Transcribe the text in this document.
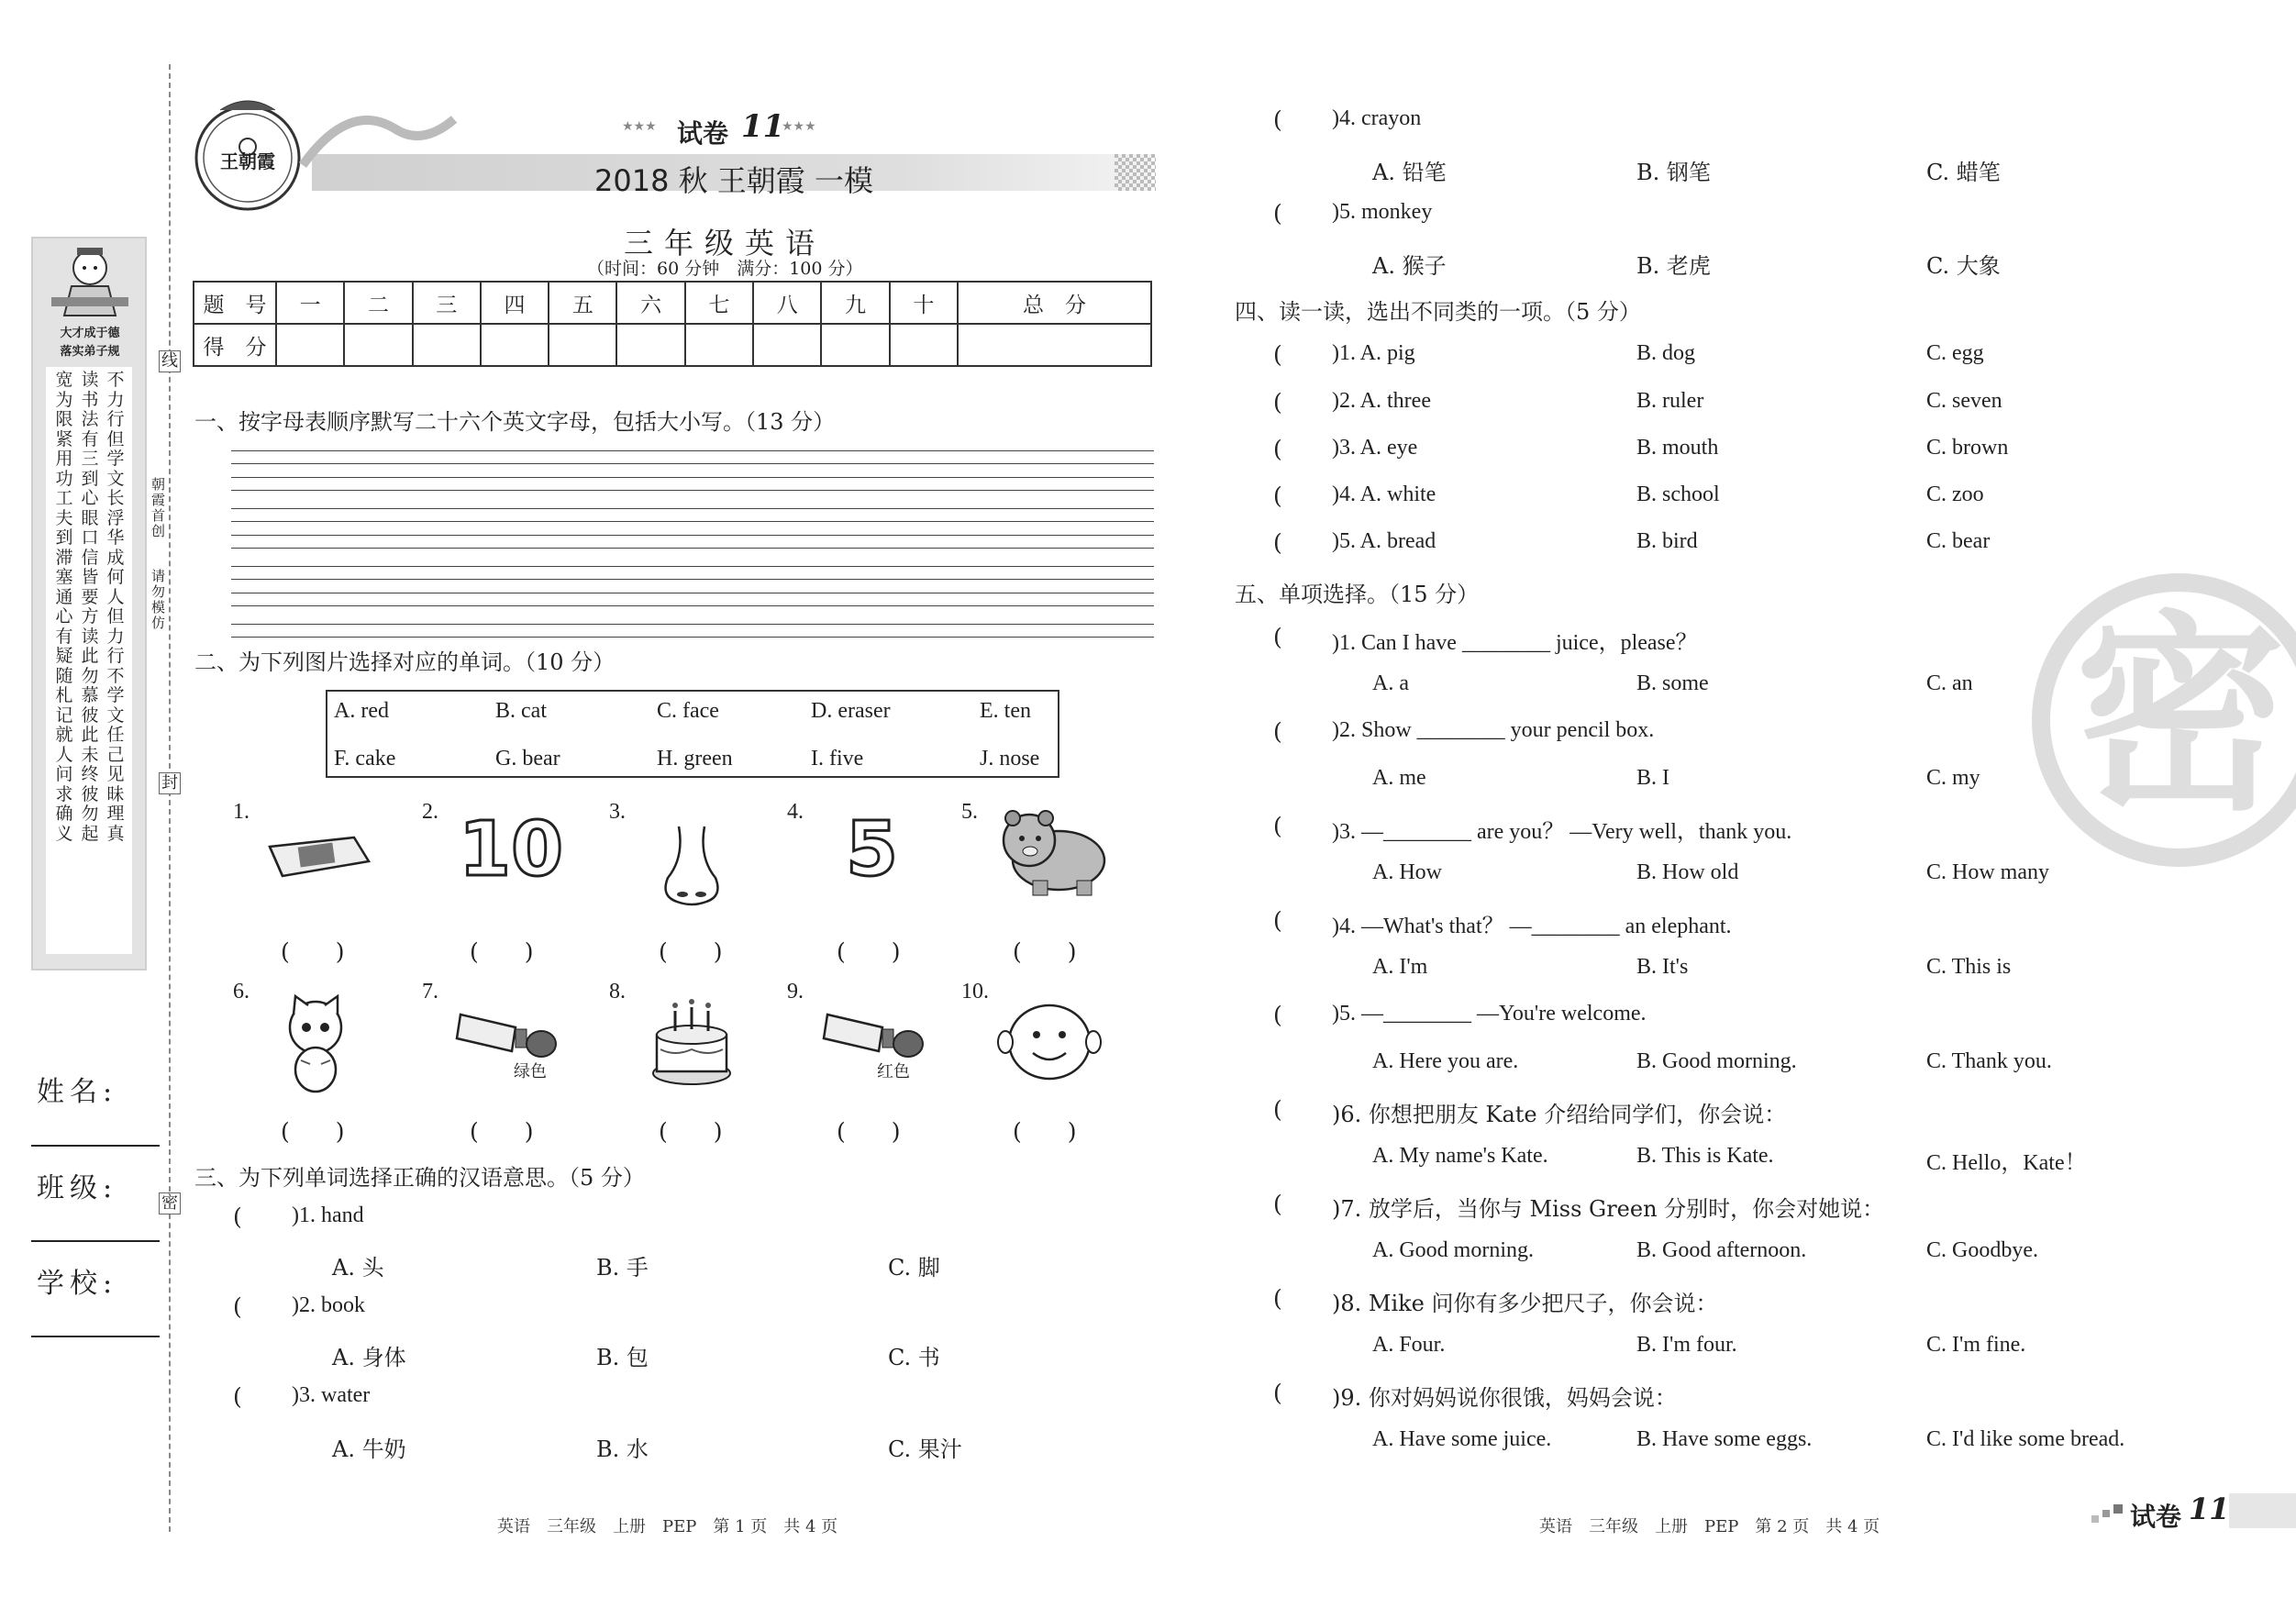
大才成于德
落实弟子规
不力行但学文长浮华成何人但力行不学文任己见昧理真
读书法有三到心眼口信皆要方读此勿慕彼此未终彼勿起
宽为限紧用功工夫到滞塞通心有疑随札记就人问求确义
线
封
密
朝霞首创
请勿模仿
姓名:
班级:
学校:
王朝霞
★★★ 试卷 11
★★★
2018 秋 王朝霞 一模
三年级英语
（时间：60 分钟　满分：100 分）
题　号	一	二	三	四	五	六	七	八	九	十	总　分
得　分											
一、按字母表顺序默写二十六个英文字母，包括大小写。（13 分）
二、为下列图片选择对应的单词。（10 分）
A. red	B. cat	C. face	D. eraser	E. ten
F. cake	G. bear	H. green	I. five	J. nose
1.	2.	3.	4.	5.
10	5
(　　)	(　　)	(　　)	(　　)	(　　)
6.	7.	8.	9.	10.
绿色	红色
(　　)	(　　)	(　　)	(　　)	(　　)
三、为下列单词选择正确的汉语意思。（5 分）
( )1. hand
A. 头	B. 手	C. 脚
( )2. book
A. 身体	B. 包	C. 书
( )3. water
A. 牛奶	B. 水	C. 果汁
英语　三年级　上册　PEP　第 1 页　共 4 页
密
( )4. crayon
A. 铅笔	B. 钢笔	C. 蜡笔
( )5. monkey
A. 猴子	B. 老虎	C. 大象
四、读一读，选出不同类的一项。（5 分）
( )1. A. pig	B. dog	C. egg
( )2. A. three	B. ruler	C. seven
( )3. A. eye	B. mouth	C. brown
( )4. A. white	B. school	C. zoo
( )5. A. bread	B. bird	C. bear
五、单项选择。（15 分）
( )1. Can I have ________ juice，please？
A. a	B. some	C. an
( )2. Show ________ your pencil box.
A. me	B. I	C. my
( )3. —________ are you？ —Very well，thank you.
A. How	B. How old	C. How many
( )4. —What's that？ —________ an elephant.
A. I'm	B. It's	C. This is
( )5. —________ —You're welcome.
A. Here you are.	B. Good morning.	C. Thank you.
( )6. 你想把朋友 Kate 介绍给同学们，你会说：
A. My name's Kate.	B. This is Kate.	C. Hello，Kate！
( )7. 放学后，当你与 Miss Green 分别时，你会对她说：
A. Good morning.	B. Good afternoon.	C. Goodbye.
( )8. Mike 问你有多少把尺子，你会说：
A. Four.	B. I'm four.	C. I'm fine.
( )9. 你对妈妈说你很饿，妈妈会说：
A. Have some juice.	B. Have some eggs.	C. I'd like some bread.
英语　三年级　上册　PEP　第 2 页　共 4 页	试卷 11
